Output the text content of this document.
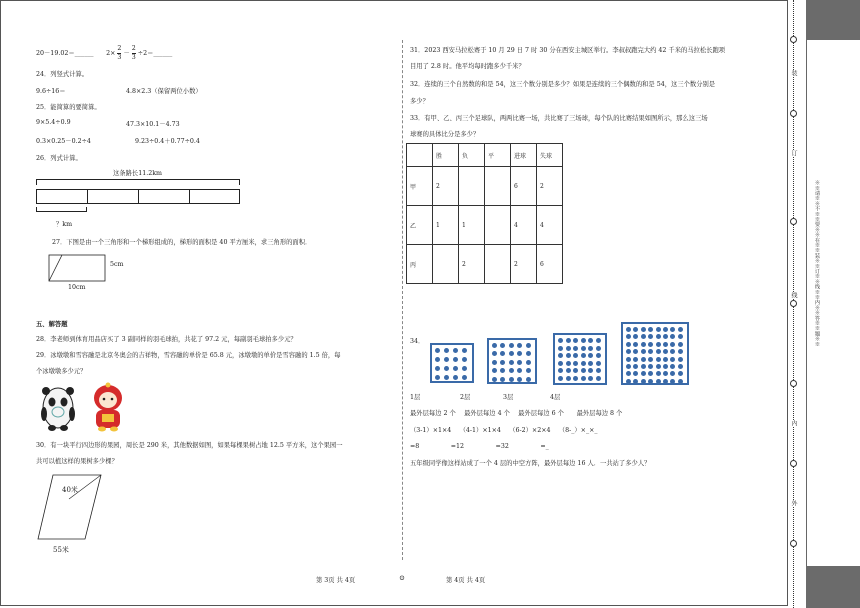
20－19.02＝______　　$2\times \frac{2}{3} - \frac{2}{3}$ ÷2＝______
24．列竖式计算。
9.6÷16＝	4.8×2.3（保留两位小数）
25．能简算的要简算。
9×5.4÷0.9	47.3×10.1－4.73
0.3×0.25－0.2÷4	9.23÷0.4＋0.77÷0.4
26．列式计算。
这条路长11.2km
？km
27．下图是由一个三角形和一个梯形组成的，梯形的面积是 40 平方厘米，求三角形的面积．
5cm
10cm
五、解答题
28．李老师到体育用品店买了 3 副同样的羽毛球拍，共花了 97.2 元，每副羽毛球拍多少元？
29．冰墩墩和雪容融是北京冬奥会的吉祥物，雪容融的单价是 65.8 元，冰墩墩的单价是雪容融的 1.5 倍，每
个冰墩墩多少元？
30．有一块平行四边形的果园，周长是 290 米，其他数据如图，如果每棵果树占地 12.5 平方米，这个果园一
共可以植这样的果树多少棵？
40米
55米
31．2023 西安马拉松赛于 10 月 29 日 7 时 30 分在西安主城区举行。李叔叔跑完大约 42 千米的马拉松长跑项
目用了 2.8 时。他平均每时跑多少千米？
32．连续的三个自然数的和是 54，这三个数分别是多少？如果是连续的三个偶数的和是 54，这三个数分别是
多少？
33．有甲、乙、丙三个足球队，两两比赛一场，共比赛了三场球，每个队的比赛结果如图所示，那么这三场
球赛的具体比分是多少？
	胜	负	平	进球	失球
甲	2			6	2
乙	1	1		4	4
丙		2		2	6
34．
1层	2层	3层	4层
最外层每边 2 个　 最外层每边 4 个　 最外层每边 6 个　　最外层每边 8 个
（3-1）×1×4　 （4-1）×1×4　 （6-2）×2×4　 （8-_）×_×_
=8　　　　　=12　　　　　=32　　　　　=_
五年级同学像这样站成了一个 4 层的中空方阵，最外层每边 16 人．一共站了多少人？
第 3页 共 4页	⊙	第 4页 共 4页
装
订
线
内
外
※※请※※不※※要※※在※※装※※订※※线※※内※※答※※题※※
